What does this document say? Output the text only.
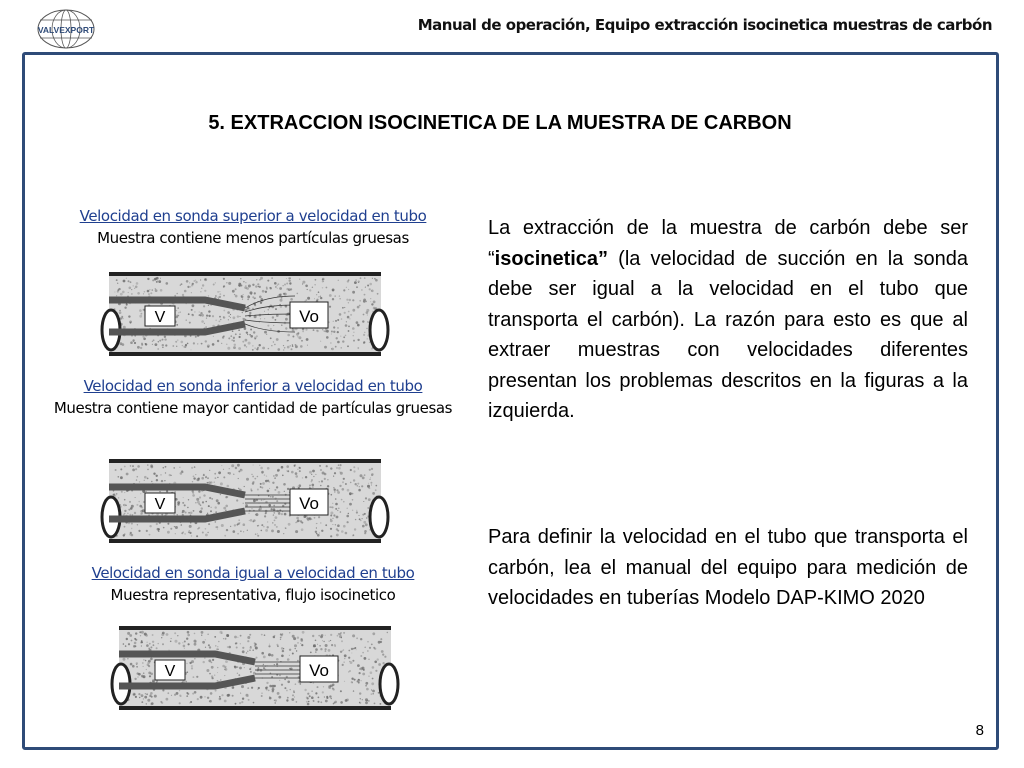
VALVEXPORT	Manual de operación, Equipo extracción isocinetica muestras de carbón
5. EXTRACCION ISOCINETICA DE LA MUESTRA DE CARBON
Velocidad en sonda superior a velocidad en tubo
Muestra contiene menos partículas gruesas
V	Vo
Velocidad en sonda inferior a velocidad en tubo
Muestra contiene mayor cantidad de partículas gruesas
V	Vo
Velocidad en sonda igual a velocidad en tubo
Muestra representativa, flujo isocinetico
V	Vo
La extracción de la muestra de carbón debe ser “isocinetica” (la velocidad de succión en la sonda debe ser igual a la velocidad en el tubo que transporta el carbón). La razón para esto es que al extraer muestras con velocidades diferentes presentan los problemas descritos en la figuras a la izquierda.
Para definir la velocidad en el tubo que transporta el carbón, lea el manual del equipo para medición de velocidades en tuberías Modelo DAP-KIMO 2020
8
